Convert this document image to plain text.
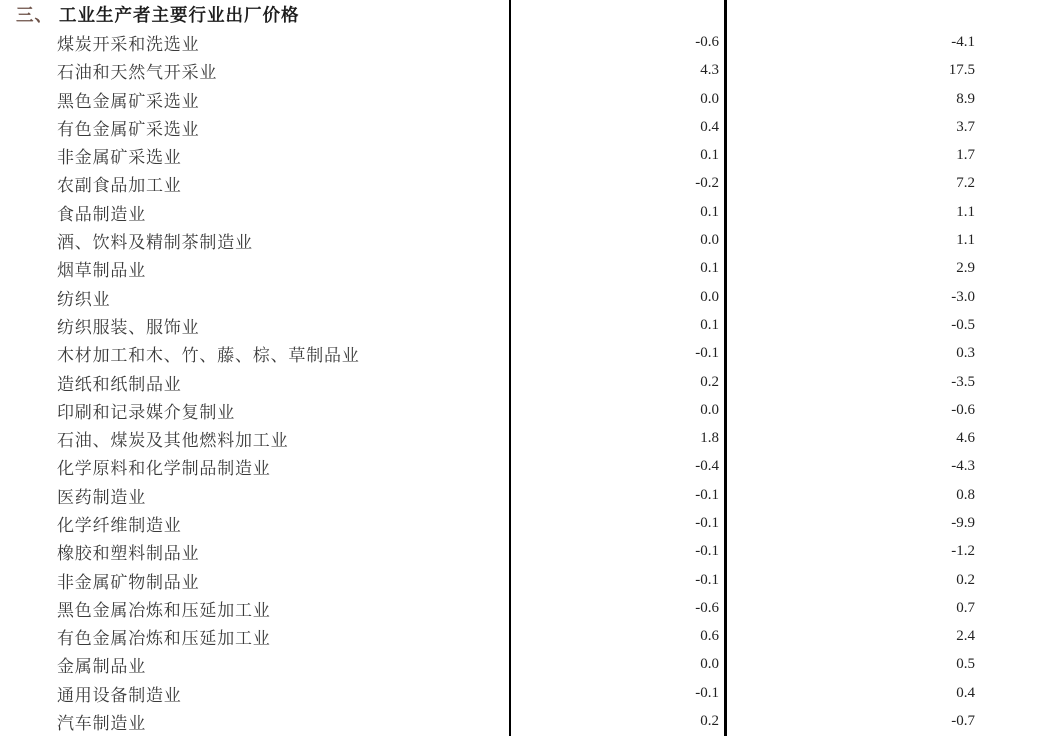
三、 工业生产者主要行业出厂价格
煤炭开采和洗选业	-0.6	-4.1
石油和天然气开采业	4.3	17.5
黑色金属矿采选业	0.0	8.9
有色金属矿采选业	0.4	3.7
非金属矿采选业	0.1	1.7
农副食品加工业	-0.2	7.2
食品制造业	0.1	1.1
酒、饮料及精制茶制造业	0.0	1.1
烟草制品业	0.1	2.9
纺织业	0.0	-3.0
纺织服装、服饰业	0.1	-0.5
木材加工和木、竹、藤、棕、草制品业	-0.1	0.3
造纸和纸制品业	0.2	-3.5
印刷和记录媒介复制业	0.0	-0.6
石油、煤炭及其他燃料加工业	1.8	4.6
化学原料和化学制品制造业	-0.4	-4.3
医药制造业	-0.1	0.8
化学纤维制造业	-0.1	-9.9
橡胶和塑料制品业	-0.1	-1.2
非金属矿物制品业	-0.1	0.2
黑色金属冶炼和压延加工业	-0.6	0.7
有色金属冶炼和压延加工业	0.6	2.4
金属制品业	0.0	0.5
通用设备制造业	-0.1	0.4
汽车制造业	0.2	-0.7
